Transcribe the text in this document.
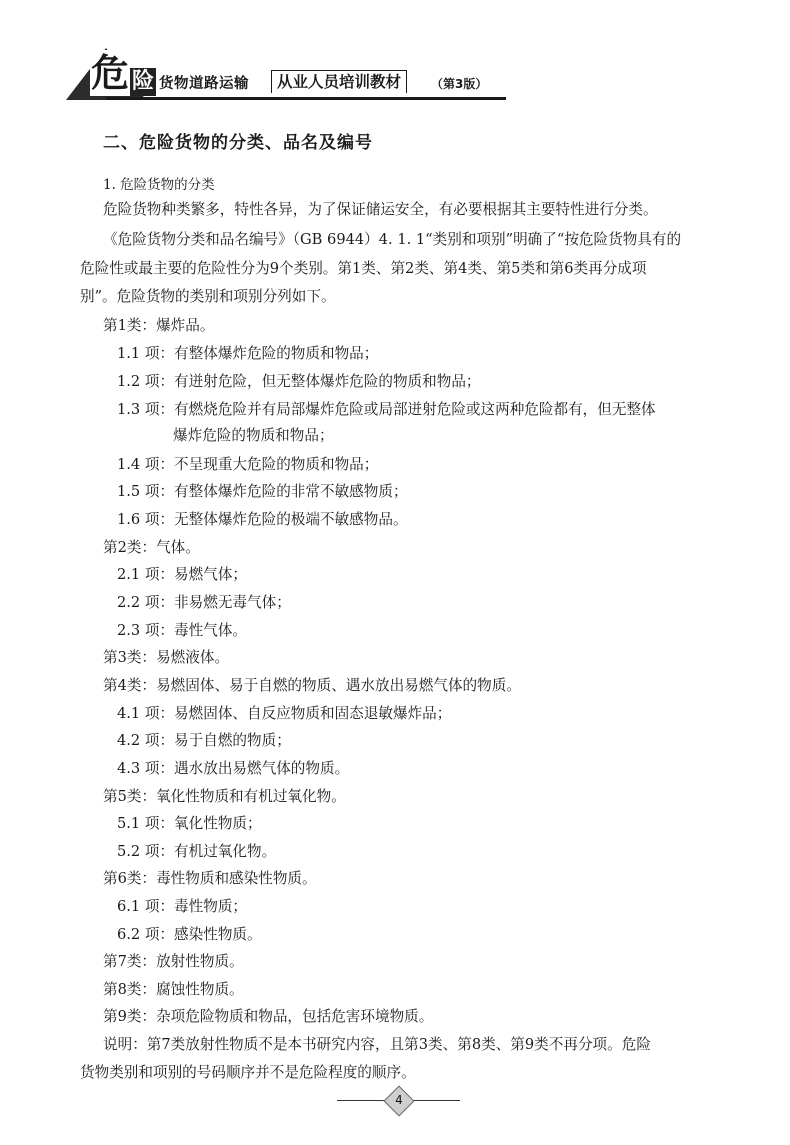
危 险 货物道路运输	从业人员培训教材	（第3版）
二、危险货物的分类、品名及编号
1. 危险货物的分类
危险货物种类繁多，特性各异，为了保证储运安全，有必要根据其主要特性进行分类。
《危险货物分类和品名编号》（GB 6944）4. 1. 1“类别和项别”明确了“按危险货物具有的
危险性或最主要的危险性分为9个类别。第1类、第2类、第4类、第5类和第6类再分成项
别”。危险货物的类别和项别分列如下。
第1类：爆炸品。
1.1 项：有整体爆炸危险的物质和物品；
1.2 项：有迸射危险，但无整体爆炸危险的物质和物品；
1.3 项：有燃烧危险并有局部爆炸危险或局部迸射危险或这两种危险都有，但无整体
爆炸危险的物质和物品；
1.4 项：不呈现重大危险的物质和物品；
1.5 项：有整体爆炸危险的非常不敏感物质；
1.6 项：无整体爆炸危险的极端不敏感物品。
第2类：气体。
2.1 项：易燃气体；
2.2 项：非易燃无毒气体；
2.3 项：毒性气体。
第3类：易燃液体。
第4类：易燃固体、易于自燃的物质、遇水放出易燃气体的物质。
4.1 项：易燃固体、自反应物质和固态退敏爆炸品；
4.2 项：易于自燃的物质；
4.3 项：遇水放出易燃气体的物质。
第5类：氧化性物质和有机过氧化物。
5.1 项：氧化性物质；
5.2 项：有机过氧化物。
第6类：毒性物质和感染性物质。
6.1 项：毒性物质；
6.2 项：感染性物质。
第7类：放射性物质。
第8类：腐蚀性物质。
第9类：杂项危险物质和物品，包括危害环境物质。
说明：第7类放射性物质不是本书研究内容，且第3类、第8类、第9类不再分项。危险
货物类别和项别的号码顺序并不是危险程度的顺序。
4
